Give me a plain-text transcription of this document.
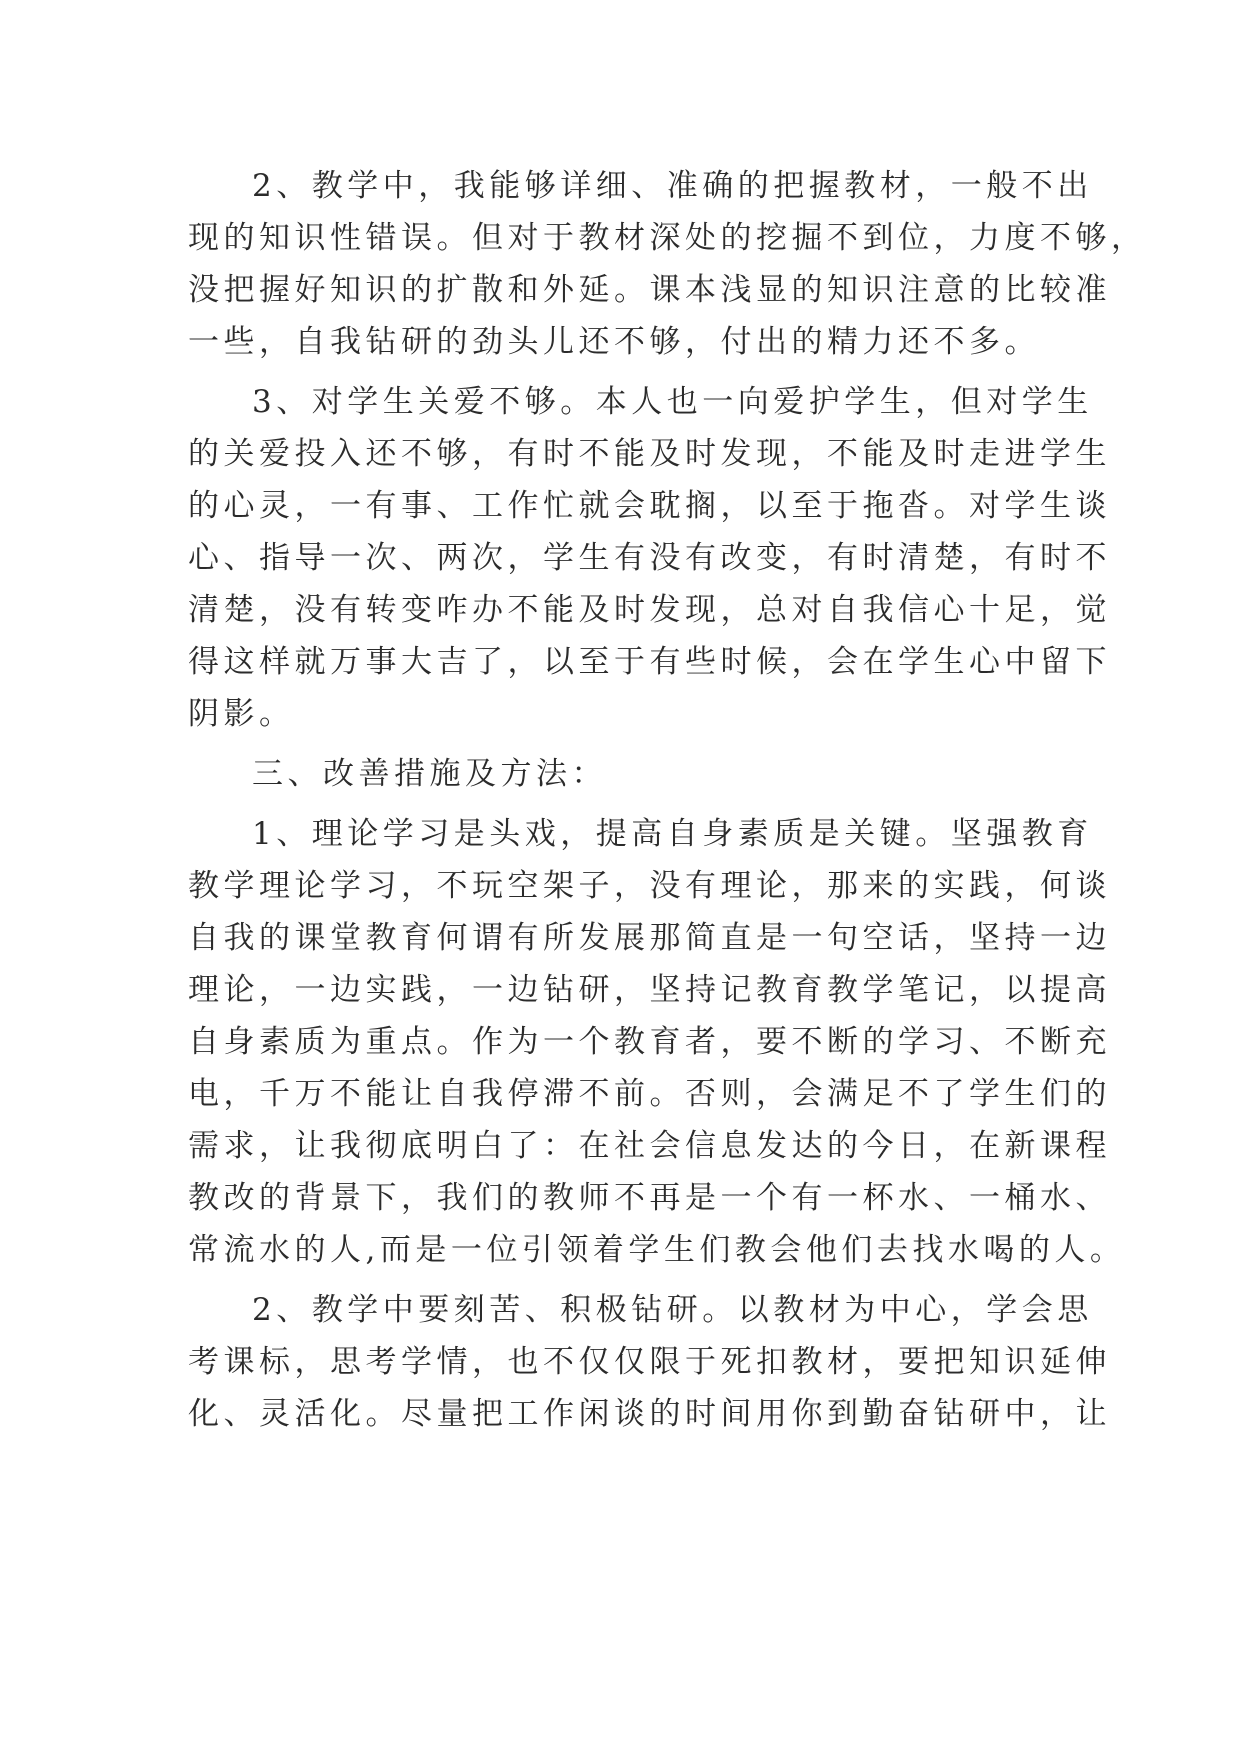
2、教学中，我能够详细、准确的把握教材，一般不出
现的知识性错误。但对于教材深处的挖掘不到位，力度不够，
没把握好知识的扩散和外延。课本浅显的知识注意的比较准
一些，自我钻研的劲头儿还不够，付出的精力还不多。
3、对学生关爱不够。本人也一向爱护学生，但对学生
的关爱投入还不够，有时不能及时发现，不能及时走进学生
的心灵，一有事、工作忙就会耽搁，以至于拖沓。对学生谈
心、指导一次、两次，学生有没有改变，有时清楚，有时不
清楚，没有转变咋办不能及时发现，总对自我信心十足，觉
得这样就万事大吉了，以至于有些时候，会在学生心中留下
阴影。
三、改善措施及方法：
1、理论学习是头戏，提高自身素质是关键。坚强教育
教学理论学习，不玩空架子，没有理论，那来的实践，何谈
自我的课堂教育何谓有所发展那简直是一句空话，坚持一边
理论，一边实践，一边钻研，坚持记教育教学笔记，以提高
自身素质为重点。作为一个教育者，要不断的学习、不断充
电，千万不能让自我停滞不前。否则，会满足不了学生们的
需求，让我彻底明白了：在社会信息发达的今日，在新课程
教改的背景下，我们的教师不再是一个有一杯水、一桶水、
常流水的人,而是一位引领着学生们教会他们去找水喝的人。
2、教学中要刻苦、积极钻研。以教材为中心，学会思
考课标，思考学情，也不仅仅限于死扣教材，要把知识延伸
化、灵活化。尽量把工作闲谈的时间用你到勤奋钻研中，让
